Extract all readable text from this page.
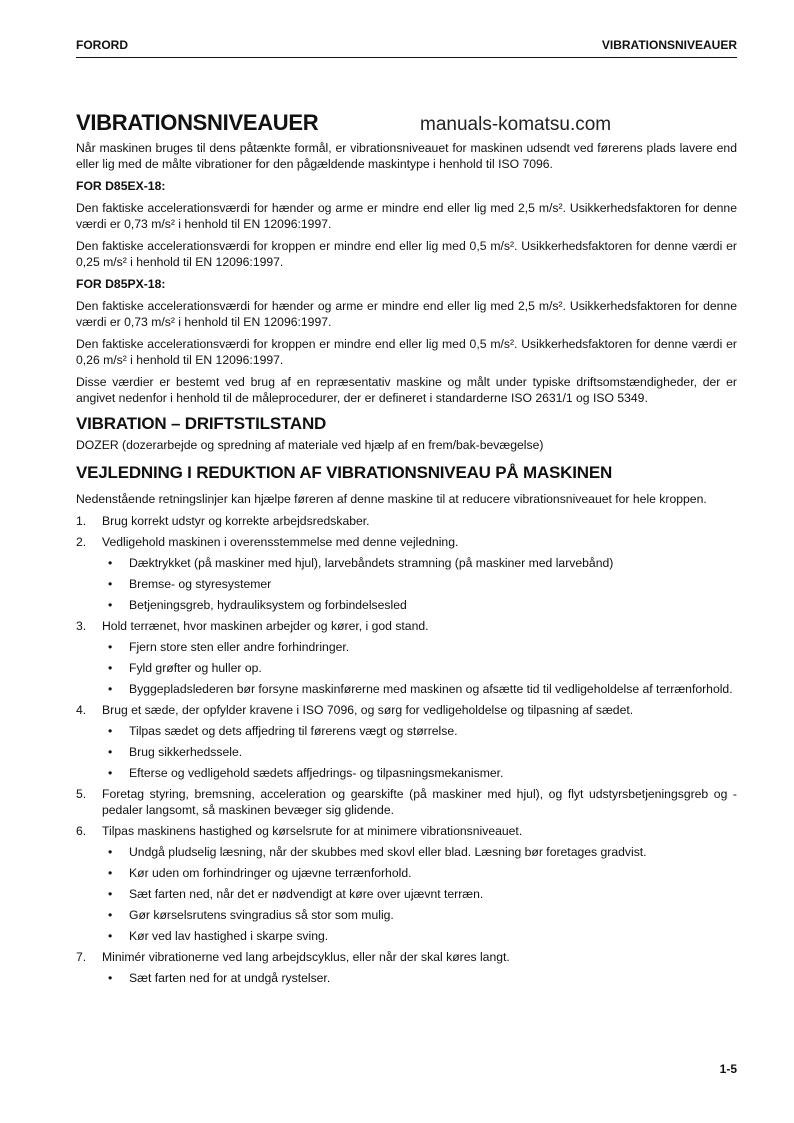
FORORD	VIBRATIONSNIVEAUER
VIBRATIONSNIVEAUER

Når maskinen bruges til dens påtænkte formål, er vibrationsniveauet for maskinen udsendt ved førerens plads lavere end eller lig med de målte vibrationer for den pågældende maskintype i henhold til ISO 7096.

FOR D85EX-18:

Den faktiske accelerationsværdi for hænder og arme er mindre end eller lig med 2,5 m/s². Usikkerhedsfaktoren for denne værdi er 0,73 m/s² i henhold til EN 12096:1997.

Den faktiske accelerationsværdi for kroppen er mindre end eller lig med 0,5 m/s². Usikkerhedsfaktoren for denne værdi er 0,25 m/s² i henhold til EN 12096:1997.

FOR D85PX-18:

Den faktiske accelerationsværdi for hænder og arme er mindre end eller lig med 2,5 m/s². Usikkerhedsfaktoren for denne værdi er 0,73 m/s² i henhold til EN 12096:1997.

Den faktiske accelerationsværdi for kroppen er mindre end eller lig med 0,5 m/s². Usikkerhedsfaktoren for denne værdi er 0,26 m/s² i henhold til EN 12096:1997.

Disse værdier er bestemt ved brug af en repræsentativ maskine og målt under typiske driftsomstændigheder, der er angivet nedenfor i henhold til de måleprocedurer, der er defineret i standarderne ISO 2631/1 og ISO 5349.

VIBRATION – DRIFTSTILSTAND

DOZER (dozerarbejde og spredning af materiale ved hjælp af en frem/bak-bevægelse)

VEJLEDNING I REDUKTION AF VIBRATIONSNIVEAU PÅ MASKINEN

Nedenstående retningslinjer kan hjælpe føreren af denne maskine til at reducere vibrationsniveauet for hele kroppen.

1.	Brug korrekt udstyr og korrekte arbejdsredskaber.
2.	Vedligehold maskinen i overensstemmelse med denne vejledning.
•	Dæktrykket (på maskiner med hjul), larvebåndets stramning (på maskiner med larvebånd)
•	Bremse- og styresystemer
•	Betjeningsgreb, hydrauliksystem og forbindelsesled
3.	Hold terrænet, hvor maskinen arbejder og kører, i god stand.
•	Fjern store sten eller andre forhindringer.
•	Fyld grøfter og huller op.
•	Byggepladslederen bør forsyne maskinførerne med maskinen og afsætte tid til vedligeholdelse af terrænforhold.
4.	Brug et sæde, der opfylder kravene i ISO 7096, og sørg for vedligeholdelse og tilpasning af sædet.
•	Tilpas sædet og dets affjedring til førerens vægt og størrelse.
•	Brug sikkerhedssele.
•	Efterse og vedligehold sædets affjedrings- og tilpasningsmekanismer.
5.	Foretag styring, bremsning, acceleration og gearskifte (på maskiner med hjul), og flyt udstyrsbetjeningsgreb og -pedaler langsomt, så maskinen bevæger sig glidende.
6.	Tilpas maskinens hastighed og kørselsrute for at minimere vibrationsniveauet.
•	Undgå pludselig læsning, når der skubbes med skovl eller blad. Læsning bør foretages gradvist.
•	Kør uden om forhindringer og ujævne terrænforhold.
•	Sæt farten ned, når det er nødvendigt at køre over ujævnt terræn.
•	Gør kørselsrutens svingradius så stor som mulig.
•	Kør ved lav hastighed i skarpe sving.
7.	Minimér vibrationerne ved lang arbejdscyklus, eller når der skal køres langt.
•	Sæt farten ned for at undgå rystelser.
manuals-komatsu.com
1-5
